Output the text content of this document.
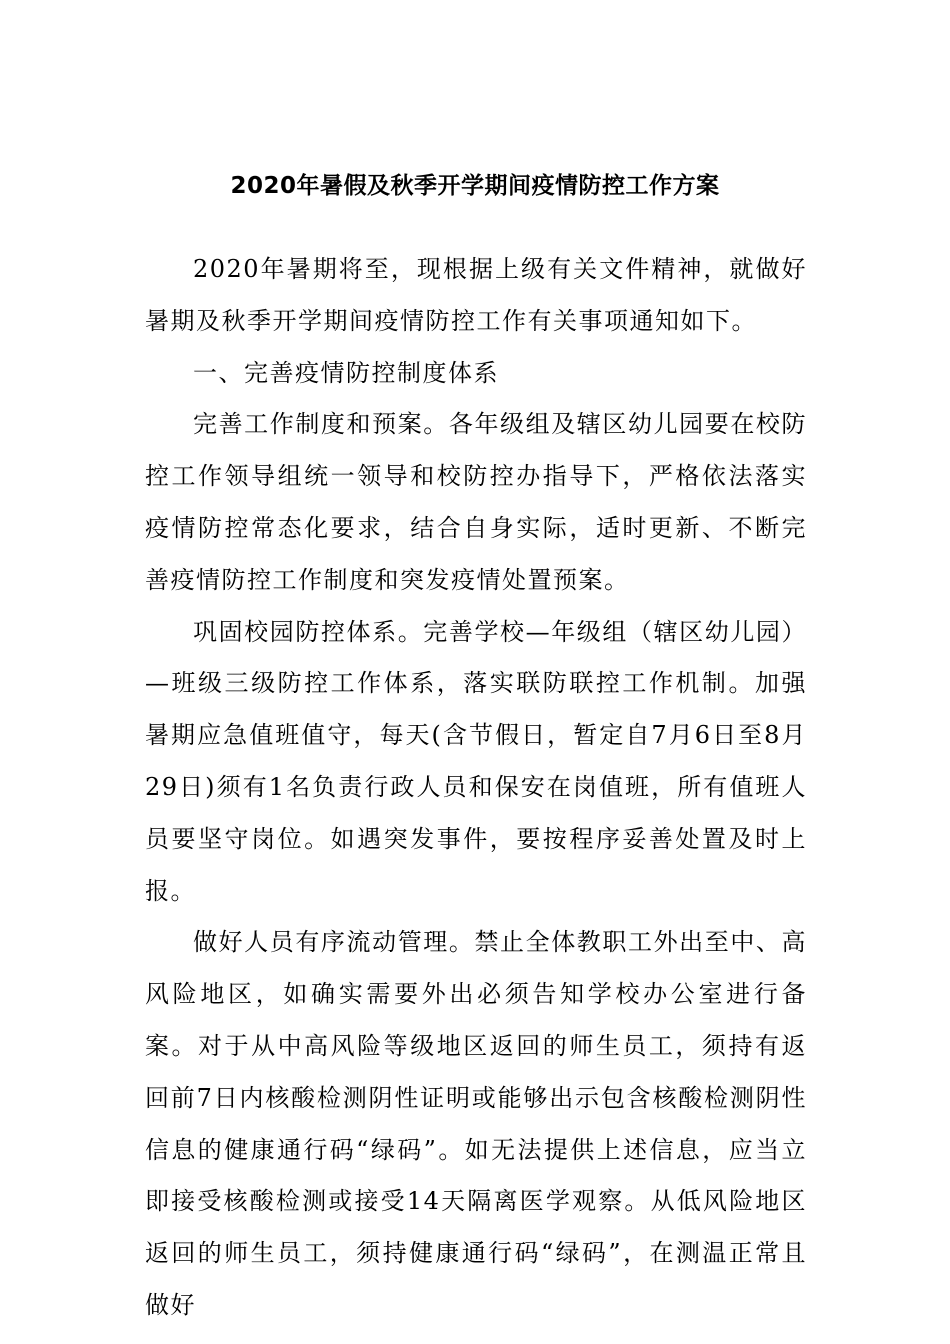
2020年暑假及秋季开学期间疫情防控工作方案

2020年暑期将至，现根据上级有关文件精神，就做好暑期及秋季开学期间疫情防控工作有关事项通知如下。

一、完善疫情防控制度体系

完善工作制度和预案。各年级组及辖区幼儿园要在校防控工作领导组统一领导和校防控办指导下，严格依法落实疫情防控常态化要求，结合自身实际，适时更新、不断完善疫情防控工作制度和突发疫情处置预案。

巩固校园防控体系。完善学校—年级组（辖区幼儿园）—班级三级防控工作体系，落实联防联控工作机制。加强暑期应急值班值守，每天(含节假日，暂定自7月6日至8月29日)须有1名负责行政人员和保安在岗值班，所有值班人员要坚守岗位。如遇突发事件，要按程序妥善处置及时上报。

做好人员有序流动管理。禁止全体教职工外出至中、高风险地区，如确实需要外出必须告知学校办公室进行备案。对于从中高风险等级地区返回的师生员工，须持有返回前7日内核酸检测阴性证明或能够出示包含核酸检测阴性信息的健康通行码“绿码”。如无法提供上述信息，应当立即接受核酸检测或接受14天隔离医学观察。从低风险地区返回的师生员工，须持健康通行码“绿码”，在测温正常且做好
